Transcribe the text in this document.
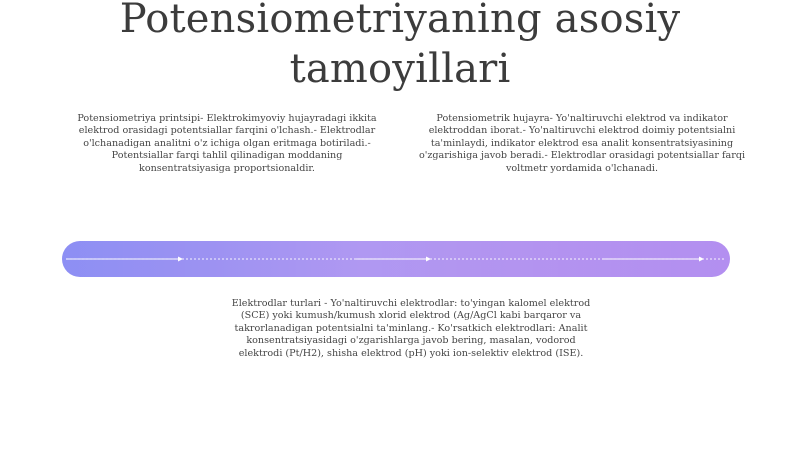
Potensiometriyaning asosiy tamoyillari
Potensiometriya printsipi- Elektrokimyoviy hujayradagi ikkita elektrod orasidagi potentsiallar farqini o'lchash.- Elektrodlar o'lchanadigan analitni o'z ichiga olgan eritmaga botiriladi.- Potentsiallar farqi tahlil qilinadigan moddaning konsentratsiyasiga proportsionaldir.
Potensiometrik hujayra- Yo'naltiruvchi elektrod va indikator elektroddan iborat.- Yo'naltiruvchi elektrod doimiy potentsialni ta'minlaydi, indikator elektrod esa analit konsentratsiyasining o'zgarishiga javob beradi.- Elektrodlar orasidagi potentsiallar farqi voltmetr yordamida o'lchanadi.
Elektrodlar turlari - Yo'naltiruvchi elektrodlar: to'yingan kalomel elektrod (SCE) yoki kumush/kumush xlorid elektrod (Ag/AgCl kabi barqaror va takrorlanadigan potentsialni ta'minlang.- Ko'rsatkich elektrodlari: Analit konsentratsiyasidagi o'zgarishlarga javob bering, masalan, vodorod elektrodi (Pt/H2), shisha elektrod (pH) yoki ion-selektiv elektrod (ISE).
